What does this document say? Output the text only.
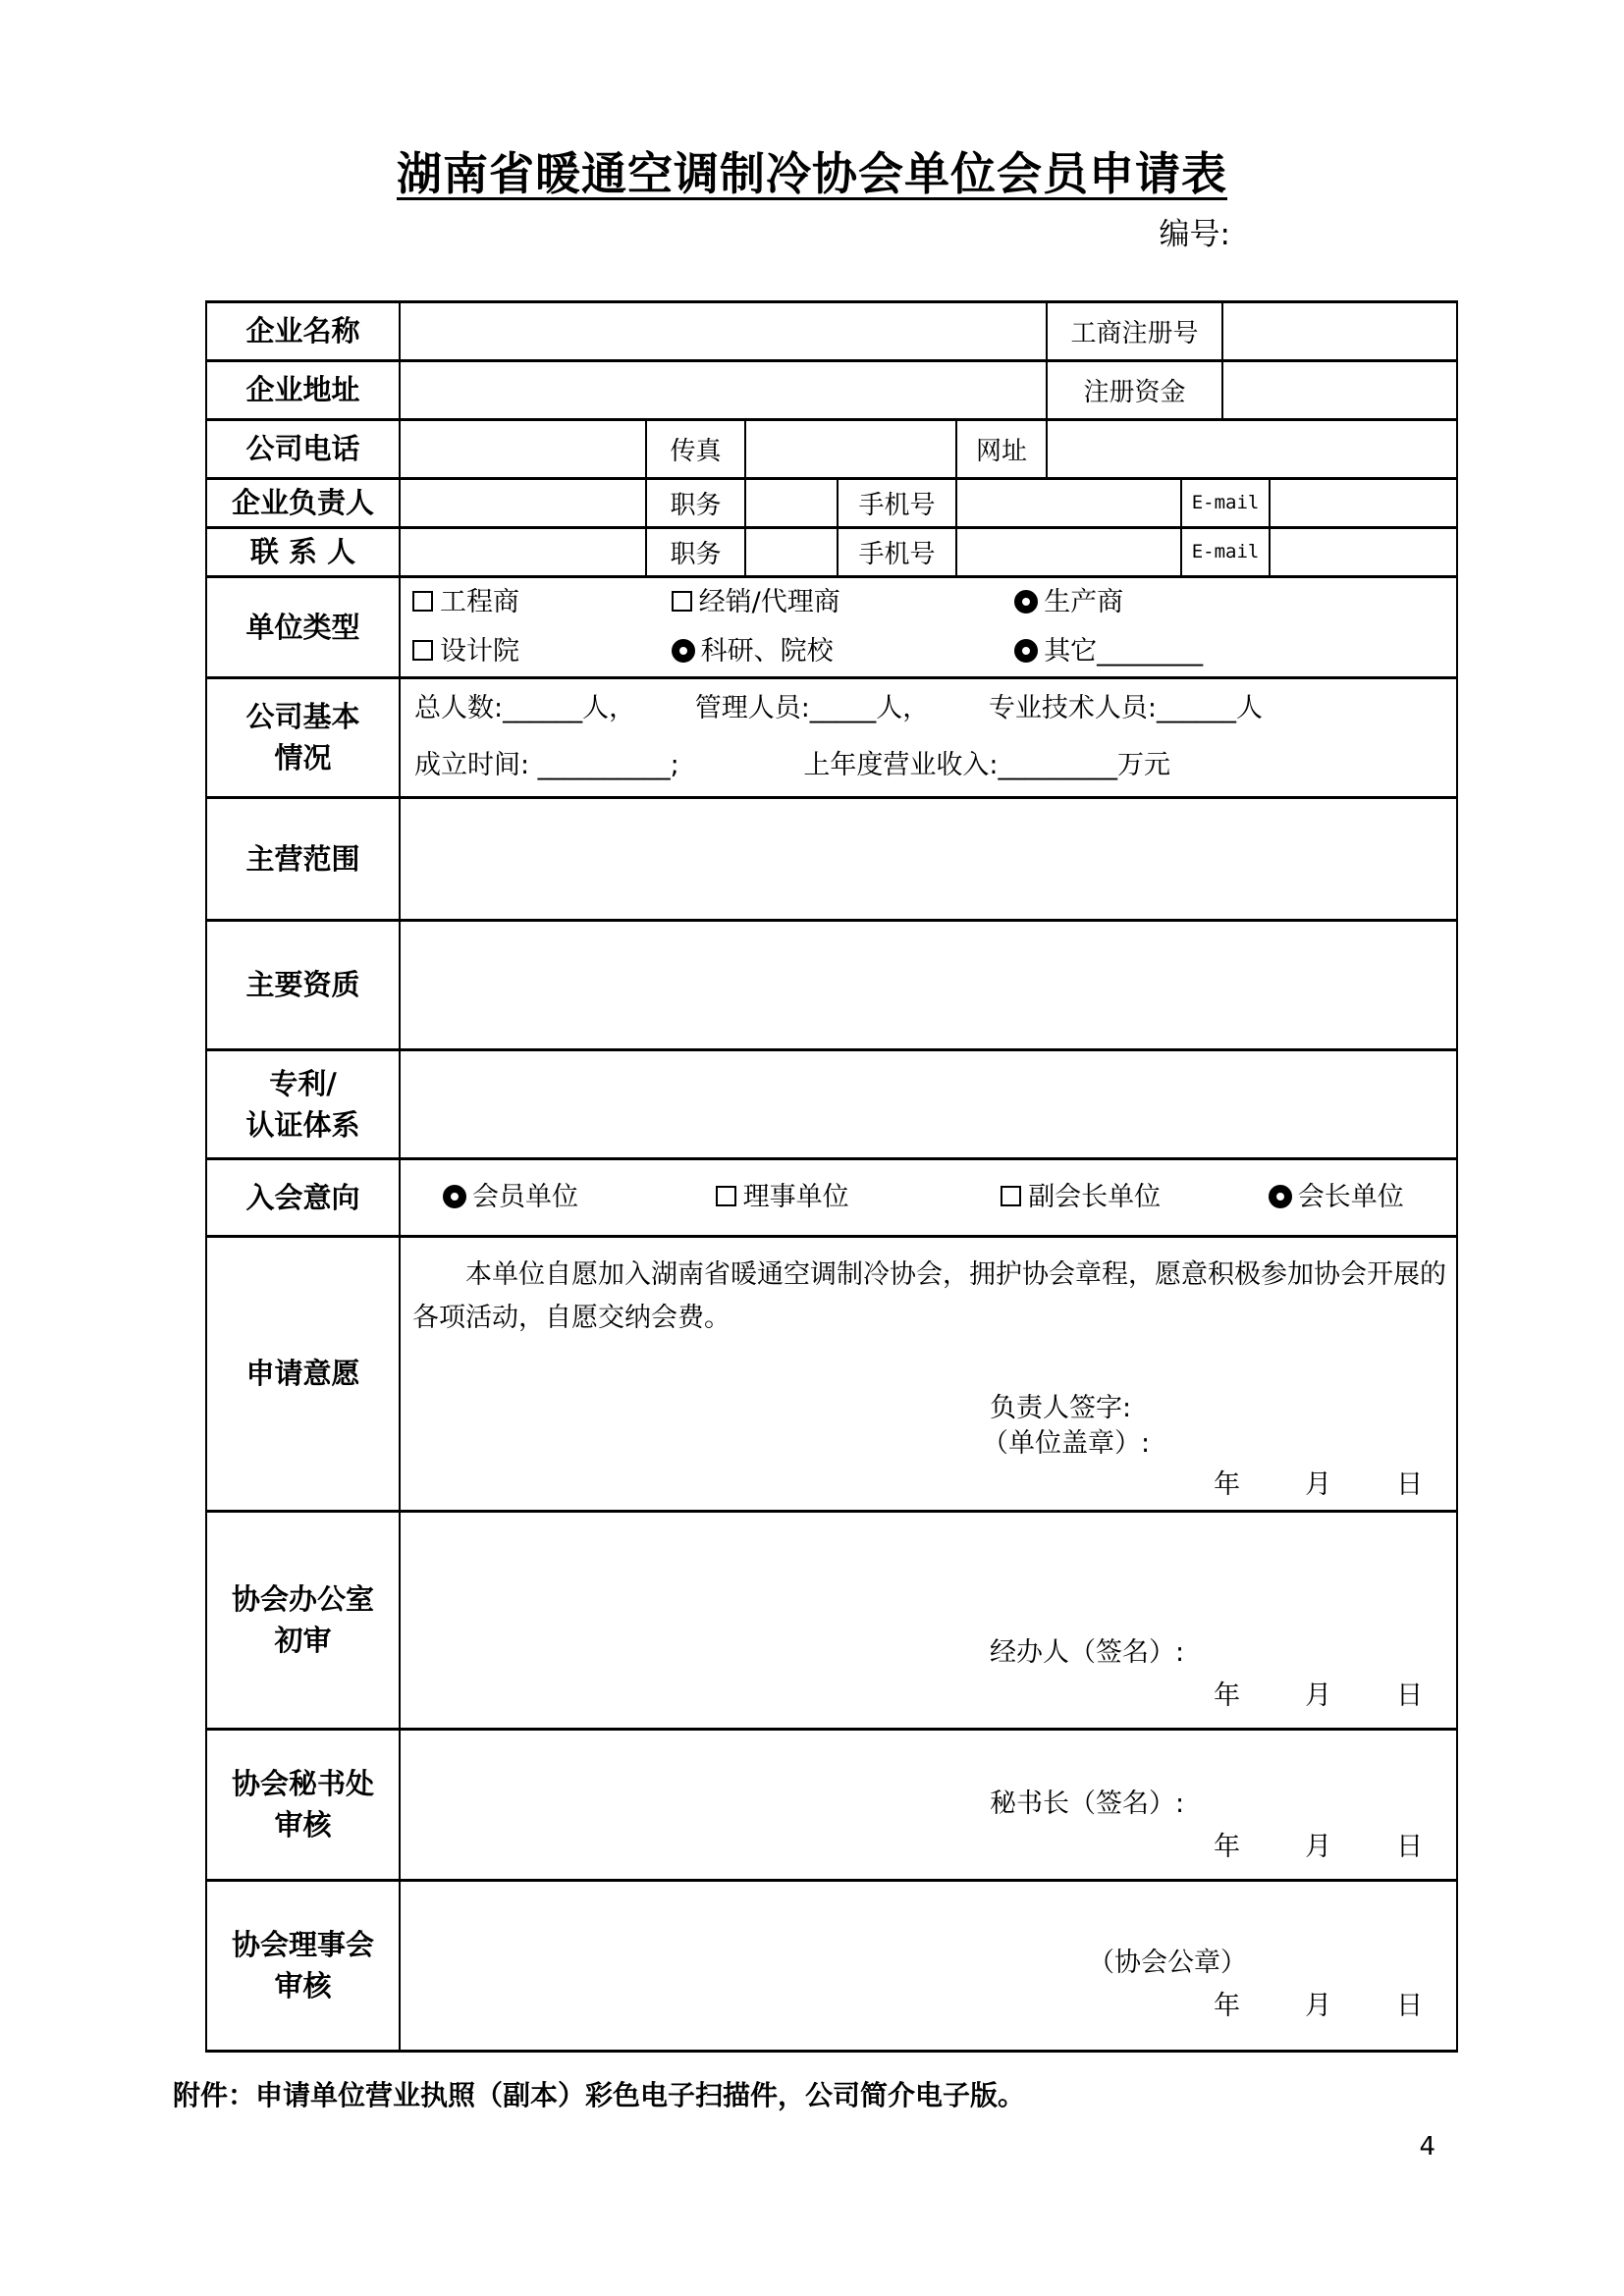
湖南省暖通空调制冷协会单位会员申请表
编号:
企业名称						工商注册号			
企业地址						注册资金			
公司电话		传真			网址				
企业负责人		职务		手机号			E-mail		
联 系 人		职务		手机号			E-mail		
单位类型	工程商 经销/代理商 生产商
设计院 科研、院校 其它________								

公司基本
情况

总人数:______人， 管理人员:_____人， 专业技术人员:______人
成立时间: __________;	上年度营业收入:_________万元

主营范围									
主要资质									

专利/
认证体系									

入会意向	会员单位 理事单位 副会长单位 会长单位								

申请意愿	
本单位自愿加入湖南省暖通空调制冷协会，拥护协会章程，愿意积极参加协会开展的各项活动，自愿交纳会费。
负责人签字:
（单位盖章）:
年 月 日

协会办公室
初审	经办人（签名）:
年 月 日

协会秘书处
审核

秘书长（签名）:
年 月 日

协会理事会
审核

（协会公章）
年 月 日
附件：申请单位营业执照（副本）彩色电子扫描件，公司简介电子版。
4
